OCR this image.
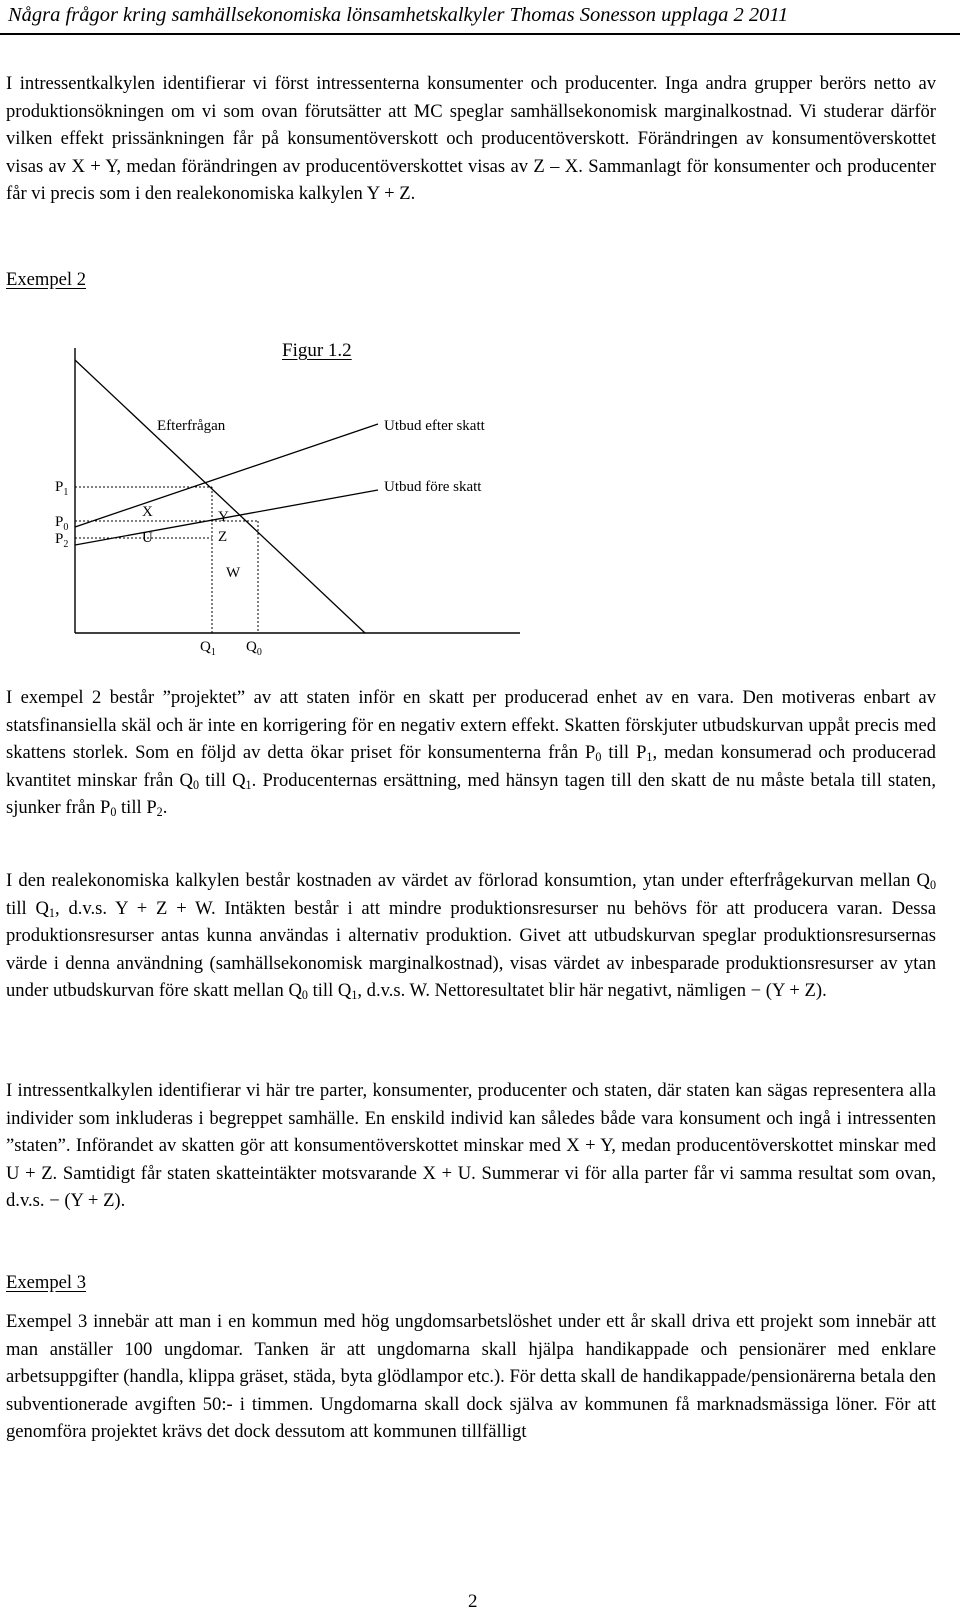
Några frågor kring samhällsekonomiska lönsamhetskalkyler Thomas Sonesson upplaga 2 2011
I intressentkalkylen identifierar vi först intressenterna konsumenter och producenter. Inga andra grupper berörs netto av produktionsökningen om vi som ovan förutsätter att MC speglar samhällsekonomisk marginalkostnad. Vi studerar därför vilken effekt prissänkningen får på konsumentöverskott och producentöverskott. Förändringen av konsumentöverskottet visas av X + Y, medan förändringen av producentöverskottet visas av Z – X. Sammanlagt för konsumenter och producenter får vi precis som i den realekonomiska kalkylen Y + Z.
Exempel 2
Figur 1.2
Efterfrågan	Utbud efter skatt
Utbud före skatt
$P_1$
$P_0$
$P_2$
X
U
Y
Z
W
$Q_1$ $Q_0$
I exempel 2 består ”projektet” av att staten inför en skatt per producerad enhet av en vara. Den motiveras enbart av statsfinansiella skäl och är inte en korrigering för en negativ extern effekt. Skatten förskjuter utbudskurvan uppåt precis med skattens storlek. Som en följd av detta ökar priset för konsumenterna från $P_0$ till $P_1$, medan konsumerad och producerad kvantitet minskar från $Q_0$ till $Q_1$. Producenternas ersättning, med hänsyn tagen till den skatt de nu måste betala till staten, sjunker från $P_0$ till $P_2$.
I den realekonomiska kalkylen består kostnaden av värdet av förlorad konsumtion, ytan under efterfrågekurvan mellan $Q_0$ till $Q_1$, d.v.s. Y + Z + W. Intäkten består i att mindre produktionsresurser nu behövs för att producera varan. Dessa produktionsresurser antas kunna användas i alternativ produktion. Givet att utbudskurvan speglar produktionsresursernas värde i denna användning (samhällsekonomisk marginalkostnad), visas värdet av inbesparade produktionsresurser av ytan under utbudskurvan före skatt mellan $Q_0$ till $Q_1$, d.v.s. W. Nettoresultatet blir här negativt, nämligen − (Y + Z).
I intressentkalkylen identifierar vi här tre parter, konsumenter, producenter och staten, där staten kan sägas representera alla individer som inkluderas i begreppet samhälle. En enskild individ kan således både vara konsument och ingå i intressenten ”staten”. Införandet av skatten gör att konsumentöverskottet minskar med X + Y, medan producentöverskottet minskar med U + Z. Samtidigt får staten skatteintäkter motsvarande X + U. Summerar vi för alla parter får vi samma resultat som ovan, d.v.s. − (Y + Z).
Exempel 3
Exempel 3 innebär att man i en kommun med hög ungdomsarbetslöshet under ett år skall driva ett projekt som innebär att man anställer 100 ungdomar. Tanken är att ungdomarna skall hjälpa handikappade och pensionärer med enklare arbetsuppgifter (handla, klippa gräset, städa, byta glödlampor etc.). För detta skall de handikappade/pensionärerna betala den subventionerade avgiften 50:- i timmen. Ungdomarna skall dock själva av kommunen få marknadsmässiga löner. För att genomföra projektet krävs det dock dessutom att kommunen tillfälligt
2
